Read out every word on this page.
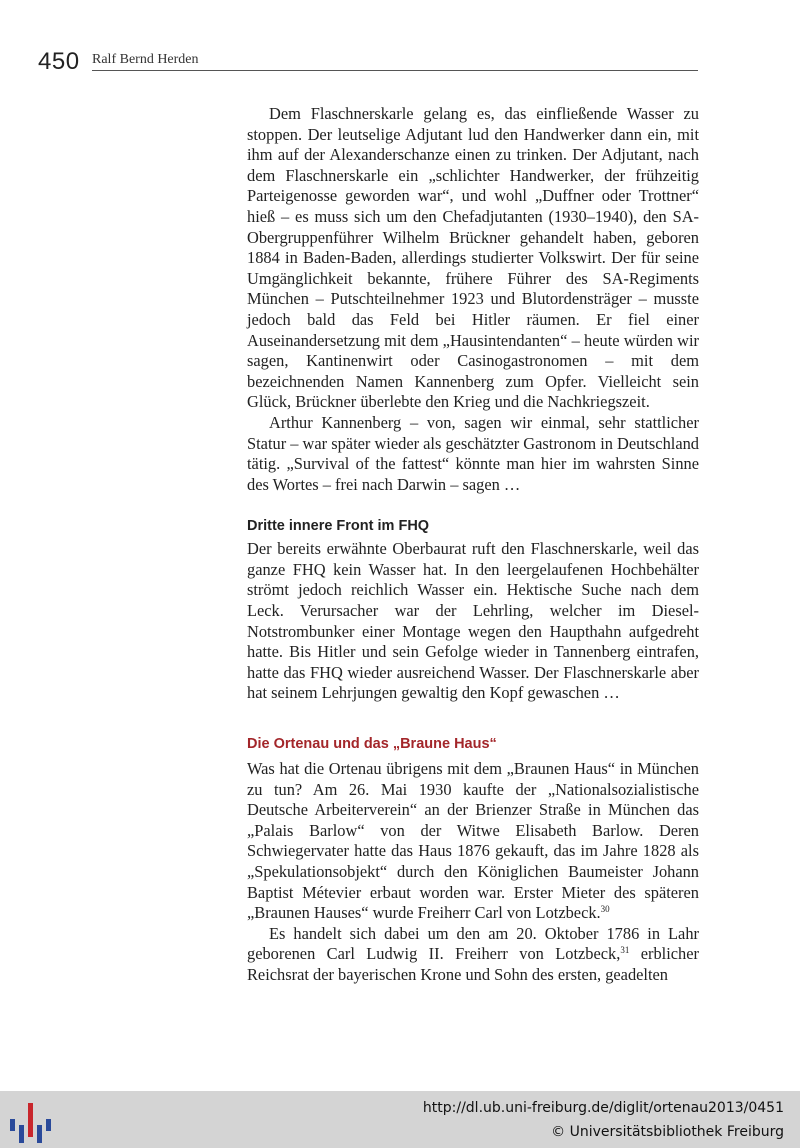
450 Ralf Bernd Herden

Dem Flaschnerskarle gelang es, das einfließende Wasser zu stoppen. Der leutselige Adjutant lud den Handwerker dann ein, mit ihm auf der Alexanderschanze einen zu trinken. Der Adjutant, nach dem Flaschnerskarle ein „schlichter Handwerker, der frühzeitig Parteigenosse geworden war“, und wohl „Duffner oder Trottner“ hieß – es muss sich um den Chefadjutanten (1930–1940), den SA-Obergruppenführer Wilhelm Brückner gehandelt haben, geboren 1884 in Baden-Baden, allerdings studierter Volkswirt. Der für seine Umgänglichkeit bekannte, frühere Führer des SA-Regiments München – Putschteilnehmer 1923 und Blutordensträger – musste jedoch bald das Feld bei Hitler räumen. Er fiel einer Auseinandersetzung mit dem „Hausintendanten“ – heute würden wir sagen, Kantinenwirt oder Casinogastronomen – mit dem bezeichnenden Namen Kannenberg zum Opfer. Vielleicht sein Glück, Brückner überlebte den Krieg und die Nachkriegszeit.

Arthur Kannenberg – von, sagen wir einmal, sehr stattlicher Statur – war später wieder als geschätzter Gastronom in Deutschland tätig. „Survival of the fattest“ könnte man hier im wahrsten Sinne des Wortes – frei nach Darwin – sagen …

Dritte innere Front im FHQ

Der bereits erwähnte Oberbaurat ruft den Flaschnerskarle, weil das ganze FHQ kein Wasser hat. In den leergelaufenen Hochbehälter strömt jedoch reichlich Wasser ein. Hektische Suche nach dem Leck. Verursacher war der Lehrling, welcher im Diesel-Notstrombunker einer Montage wegen den Haupthahn aufgedreht hatte. Bis Hitler und sein Gefolge wieder in Tannenberg eintrafen, hatte das FHQ wieder ausreichend Wasser. Der Flaschnerskarle aber hat seinem Lehrjungen gewaltig den Kopf gewaschen …

Die Ortenau und das „Braune Haus“

Was hat die Ortenau übrigens mit dem „Braunen Haus“ in München zu tun? Am 26. Mai 1930 kaufte der „Nationalsozialistische Deutsche Arbeiterverein“ an der Brienzer Straße in München das „Palais Barlow“ von der Witwe Elisabeth Barlow. Deren Schwiegervater hatte das Haus 1876 gekauft, das im Jahre 1828 als „Spekulationsobjekt“ durch den Königlichen Baumeister Johann Baptist Métevier erbaut worden war. Erster Mieter des späteren „Braunen Hauses“ wurde Freiherr Carl von Lotzbeck.$^{30}$

Es handelt sich dabei um den am 20. Oktober 1786 in Lahr geborenen Carl Ludwig II. Freiherr von Lotzbeck,$^{31}$ erblicher Reichsrat der bayerischen Krone und Sohn des ersten, geadelten

http://dl.ub.uni-freiburg.de/diglit/ortenau2013/0451
© Universitätsbibliothek Freiburg
